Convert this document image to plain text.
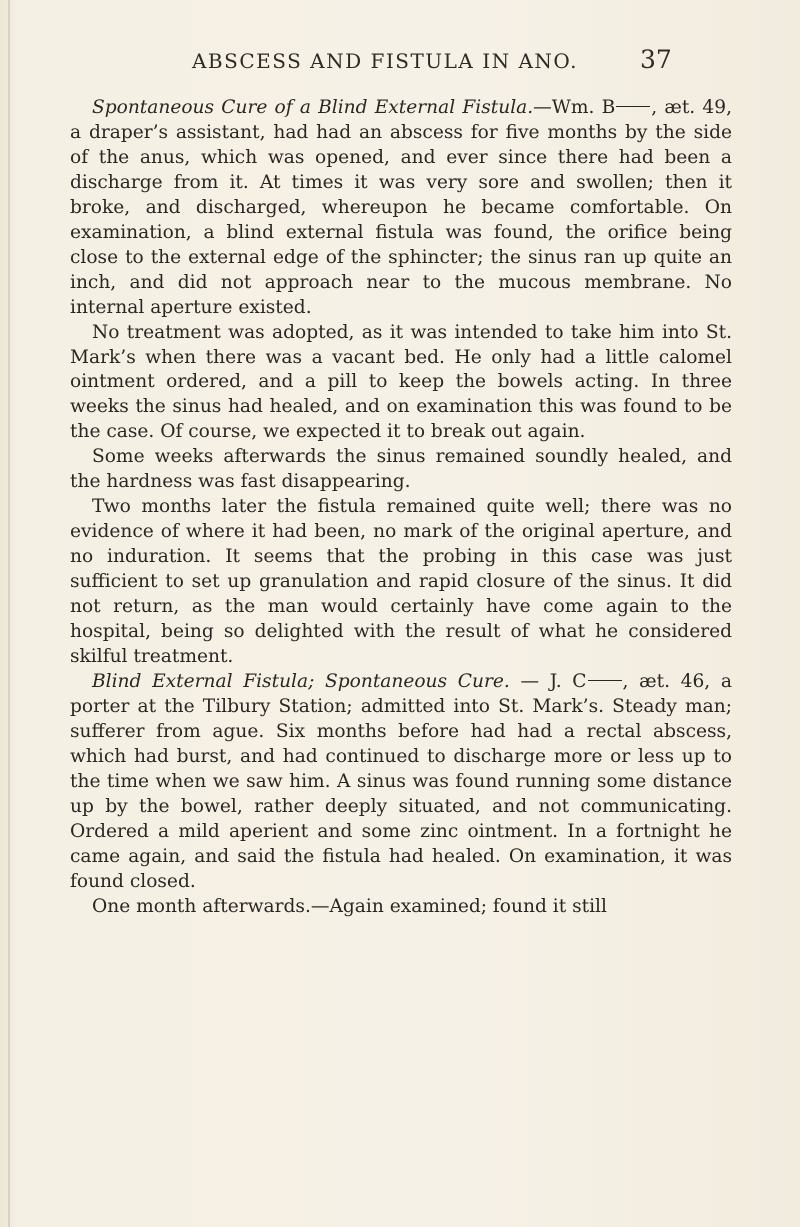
ABSCESS AND FISTULA IN ANO. 37

Spontaneous Cure of a Blind External Fistula.—Wm. B , æt. 49, a draper’s assistant, had had an abscess for five months by the side of the anus, which was opened, and ever since there had been a discharge from it. At times it was very sore and swollen; then it broke, and discharged, whereupon he became comfortable. On examination, a blind external fistula was found, the orifice being close to the external edge of the sphincter; the sinus ran up quite an inch, and did not approach near to the mucous membrane. No internal aperture existed.

No treatment was adopted, as it was intended to take him into St. Mark’s when there was a vacant bed. He only had a little calomel ointment ordered, and a pill to keep the bowels acting. In three weeks the sinus had healed, and on examination this was found to be the case. Of course, we expected it to break out again.

Some weeks afterwards the sinus remained soundly healed, and the hardness was fast disappearing.

Two months later the fistula remained quite well; there was no evidence of where it had been, no mark of the original aperture, and no induration. It seems that the probing in this case was just sufficient to set up granulation and rapid closure of the sinus. It did not return, as the man would certainly have come again to the hospital, being so delighted with the result of what he considered skilful treatment.

Blind External Fistula; Spontaneous Cure. — J. C , æt. 46, a porter at the Tilbury Station; admitted into St. Mark’s. Steady man; sufferer from ague. Six months before had had a rectal abscess, which had burst, and had continued to discharge more or less up to the time when we saw him. A sinus was found running some distance up by the bowel, rather deeply situated, and not communicating. Ordered a mild aperient and some zinc ointment. In a fortnight he came again, and said the fistula had healed. On examination, it was found closed.

One month afterwards.—Again examined; found it still
